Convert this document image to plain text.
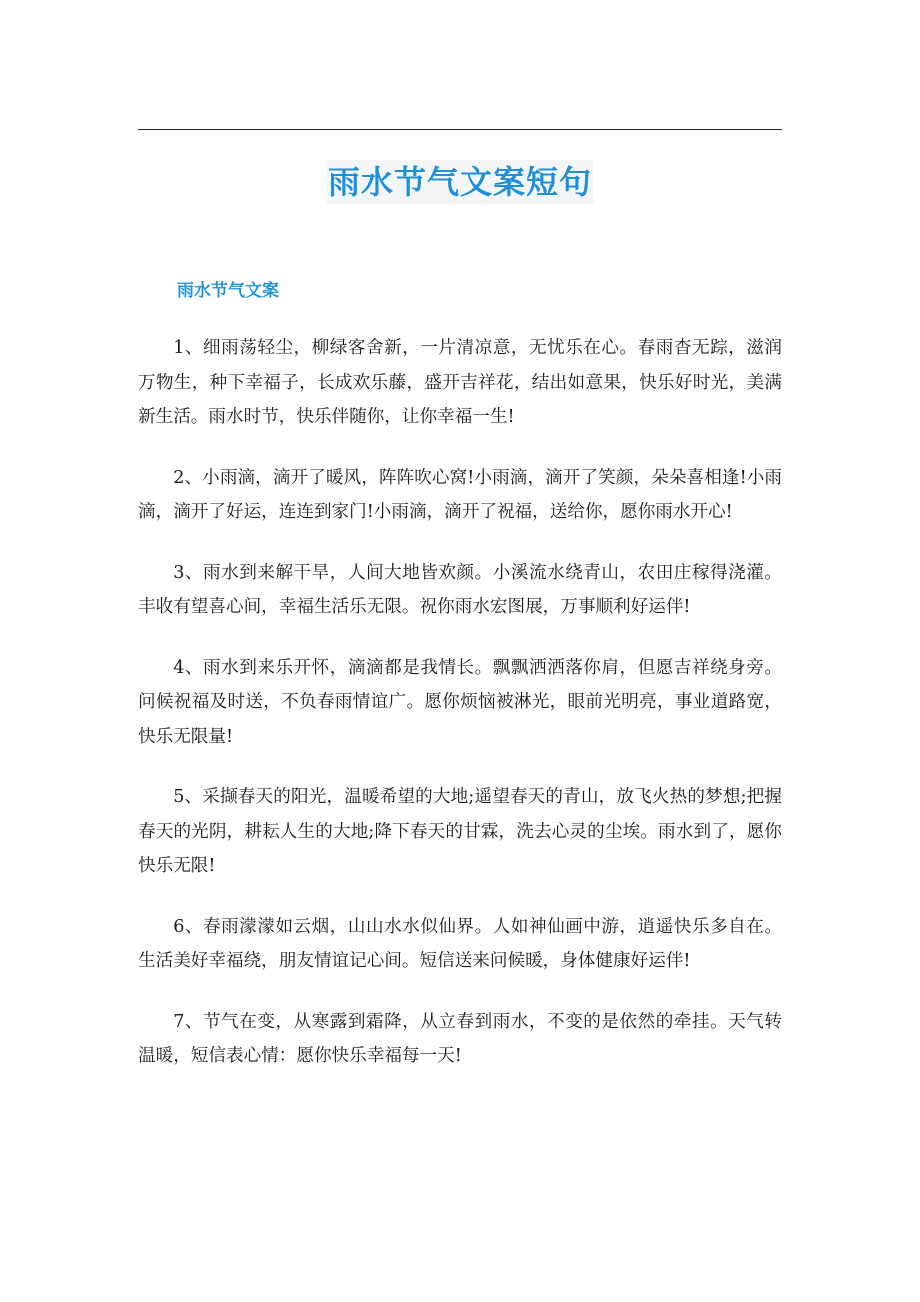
雨水节气文案短句
雨水节气文案

1、细雨荡轻尘，柳绿客舍新，一片清凉意，无忧乐在心。春雨杳无踪，滋润万物生，种下幸福子，长成欢乐藤，盛开吉祥花，结出如意果，快乐好时光，美满新生活。雨水时节，快乐伴随你，让你幸福一生!

2、小雨滴，滴开了暖风，阵阵吹心窝!小雨滴，滴开了笑颜，朵朵喜相逢!小雨滴，滴开了好运，连连到家门!小雨滴，滴开了祝福，送给你，愿你雨水开心!

3、雨水到来解干旱，人间大地皆欢颜。小溪流水绕青山，农田庄稼得浇灌。丰收有望喜心间，幸福生活乐无限。祝你雨水宏图展，万事顺利好运伴!

4、雨水到来乐开怀，滴滴都是我情长。飘飘洒洒落你肩，但愿吉祥绕身旁。问候祝福及时送，不负春雨情谊广。愿你烦恼被淋光，眼前光明亮，事业道路宽，快乐无限量!

5、采撷春天的阳光，温暖希望的大地;遥望春天的青山，放飞火热的梦想;把握春天的光阴，耕耘人生的大地;降下春天的甘霖，洗去心灵的尘埃。雨水到了，愿你快乐无限!

6、春雨濛濛如云烟，山山水水似仙界。人如神仙画中游，逍遥快乐多自在。生活美好幸福绕，朋友情谊记心间。短信送来问候暖，身体健康好运伴!

7、节气在变，从寒露到霜降，从立春到雨水，不变的是依然的牵挂。天气转温暖，短信表心情：愿你快乐幸福每一天!
